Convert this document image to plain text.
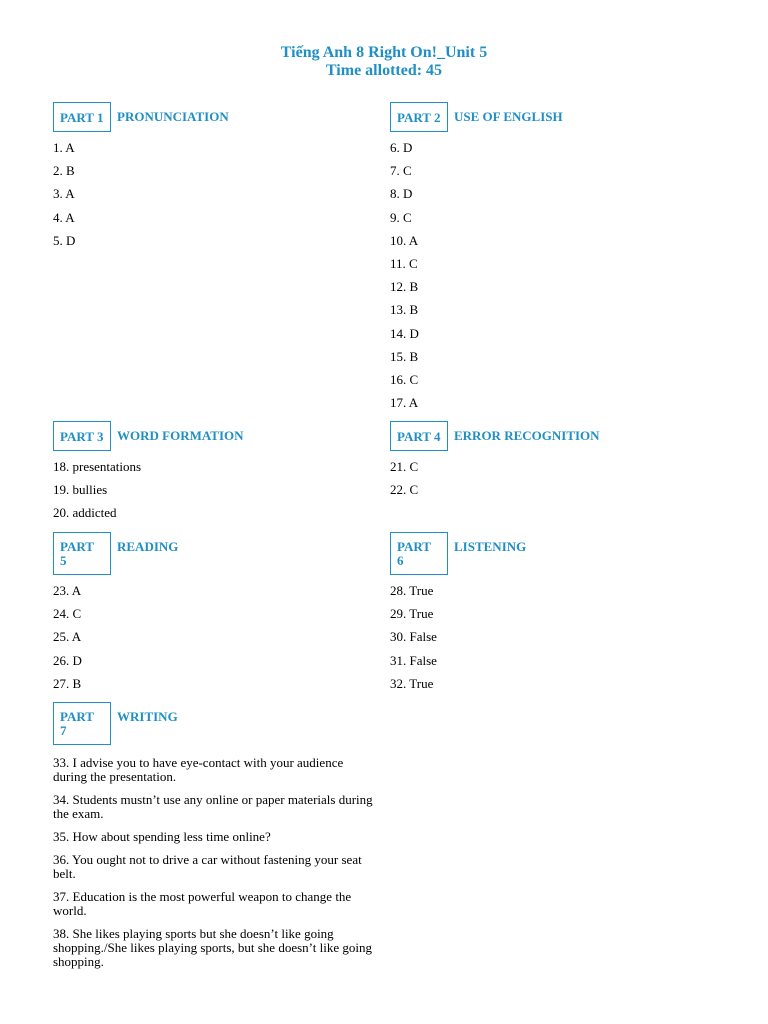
Tiếng Anh 8 Right On!_Unit 5
Time allotted: 45
PART 1	PRONUNCIATION
1. A
2. B
3. A
4. A
5. D
PART 2	USE OF ENGLISH
6. D
7. C
8. D
9. C
10. A
11. C
12. B
13. B
14. D
15. B
16. C
17. A
PART 3	WORD FORMATION
18. presentations
19. bullies
20. addicted
PART 4	ERROR RECOGNITION
21. C
22. C
PART
5
READING
23. A
24. C
25. A
26. D
27. B
PART
6
LISTENING
28. True
29. True
30. False
31. False
32. True
PART
7
WRITING
33. I advise you to have eye-contact with your audience during the presentation.
34. Students mustn’t use any online or paper materials during the exam.
35. How about spending less time online?
36. You ought not to drive a car without fastening your seat belt.
37. Education is the most powerful weapon to change the world.
38. She likes playing sports but she doesn’t like going shopping./She likes playing sports, but she doesn’t like going shopping.
